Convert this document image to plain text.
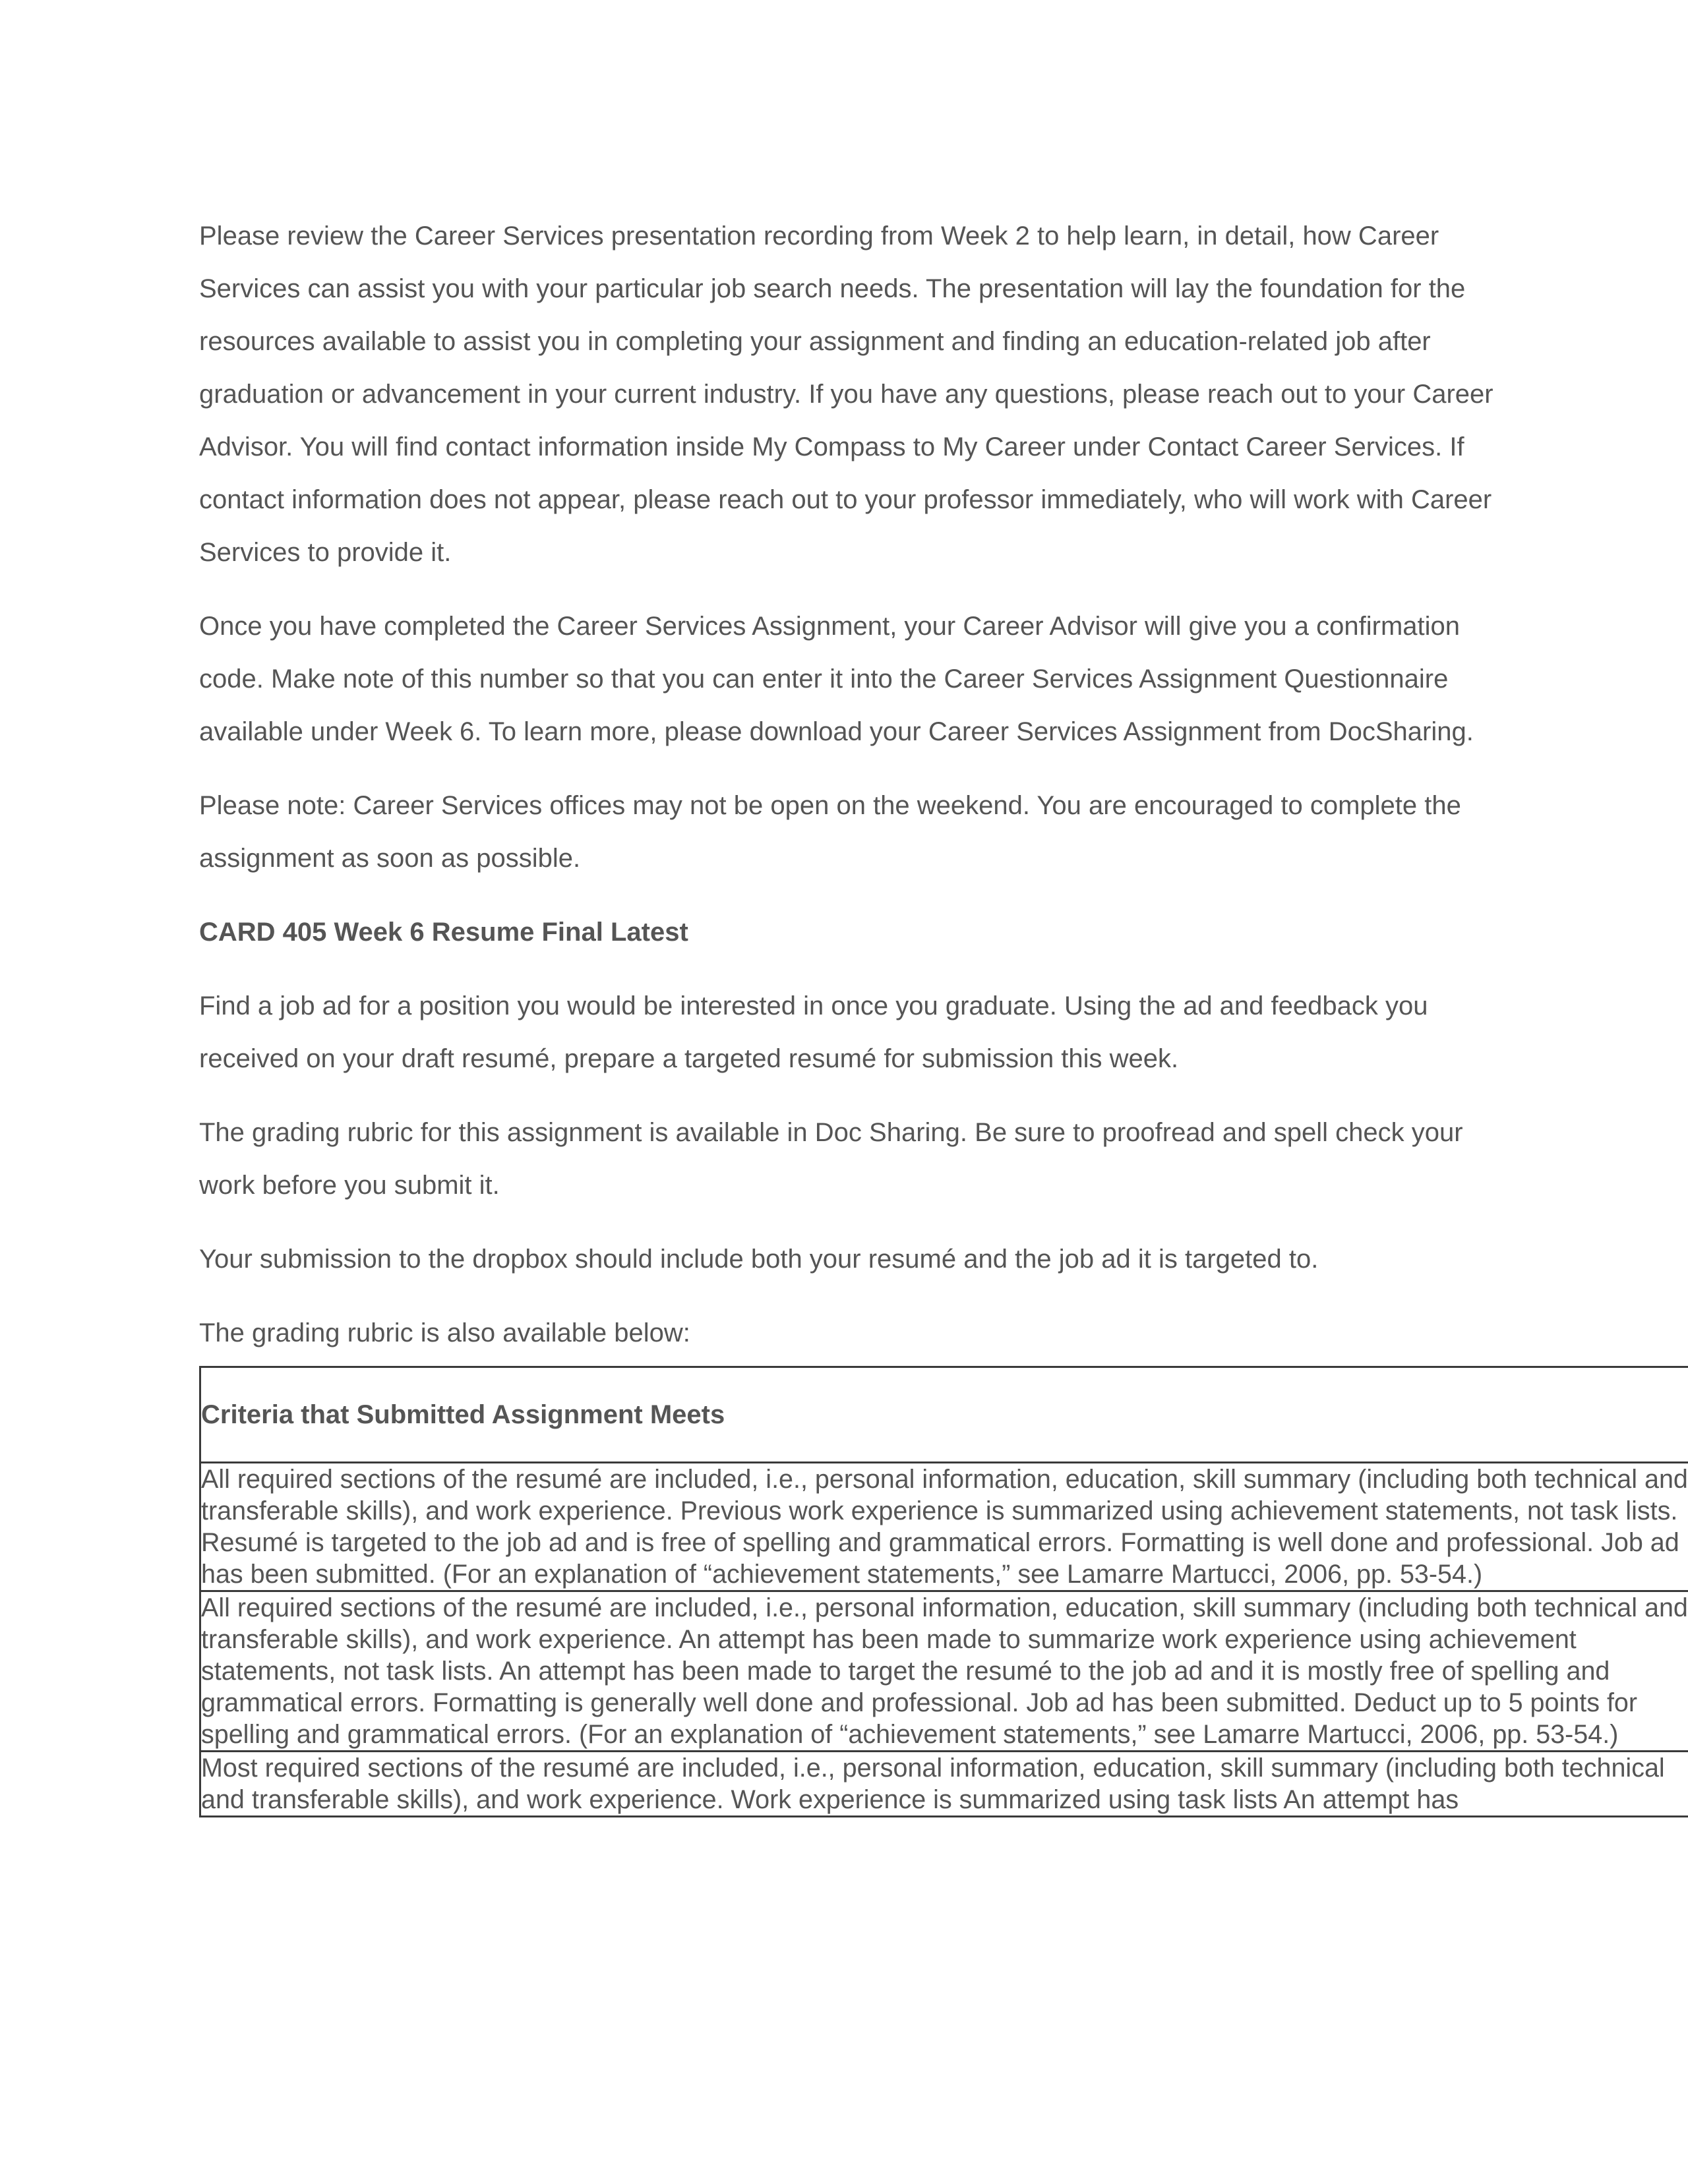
Please review the Career Services presentation recording from Week 2 to help learn, in detail, how Career Services can assist you with your particular job search needs. The presentation will lay the foundation for the resources available to assist you in completing your assignment and finding an education-related job after graduation or advancement in your current industry. If you have any questions, please reach out to your Career Advisor. You will find contact information inside My Compass to My Career under Contact Career Services. If contact information does not appear, please reach out to your professor immediately, who will work with Career Services to provide it.

Once you have completed the Career Services Assignment, your Career Advisor will give you a confirmation code. Make note of this number so that you can enter it into the Career Services Assignment Questionnaire available under Week 6. To learn more, please download your Career Services Assignment from DocSharing.

Please note: Career Services offices may not be open on the weekend. You are encouraged to complete the assignment as soon as possible.

CARD 405 Week 6 Resume Final Latest

Find a job ad for a position you would be interested in once you graduate. Using the ad and feedback you received on your draft resumé, prepare a targeted resumé for submission this week.

The grading rubric for this assignment is available in Doc Sharing. Be sure to proofread and spell check your work before you submit it.

Your submission to the dropbox should include both your resumé and the job ad it is targeted to.

The grading rubric is also available below:

Criteria that Submitted Assignment Meets
All required sections of the resumé are included, i.e., personal information, education, skill summary (including both technical and transferable skills), and work experience. Previous work experience is summarized using achievement statements, not task lists. Resumé is targeted to the job ad and is free of spelling and grammatical errors. Formatting is well done and professional. Job ad has been submitted. (For an explanation of “achievement statements,” see Lamarre Martucci, 2006, pp. 53-54.)
All required sections of the resumé are included, i.e., personal information, education, skill summary (including both technical and transferable skills), and work experience. An attempt has been made to summarize work experience using achievement statements, not task lists. An attempt has been made to target the resumé to the job ad and it is mostly free of spelling and grammatical errors. Formatting is generally well done and professional. Job ad has been submitted. Deduct up to 5 points for spelling and grammatical errors. (For an explanation of “achievement statements,” see Lamarre Martucci, 2006, pp. 53-54.)

Most required sections of the resumé are included, i.e., personal information, education, skill summary (including both technical and transferable skills), and work experience. Work experience is summarized using task lists An attempt has
